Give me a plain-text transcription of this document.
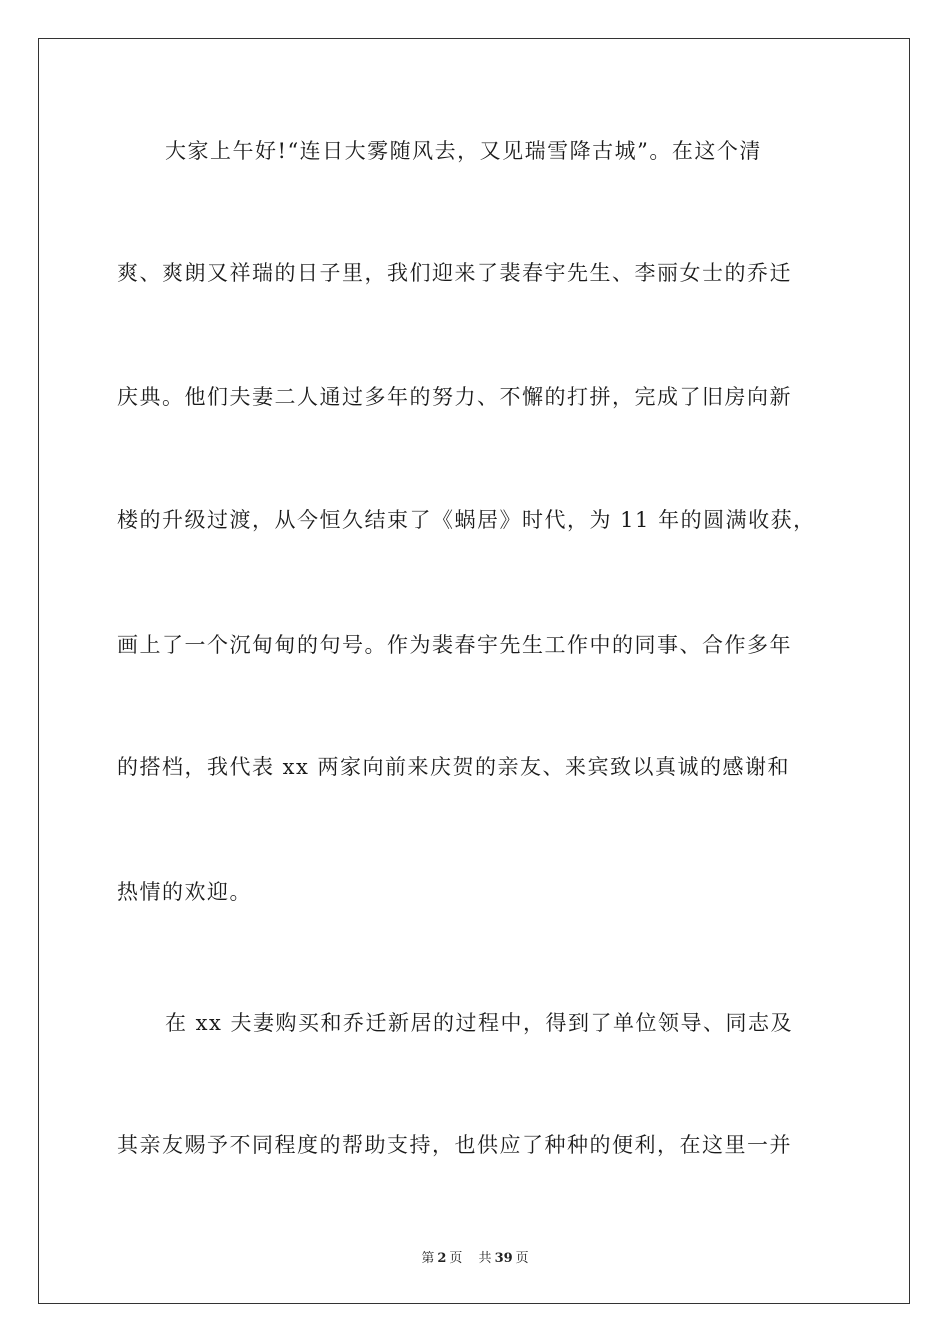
大家上午好!“连日大雾随风去，又见瑞雪降古城”。在这个清
爽、爽朗又祥瑞的日子里，我们迎来了裴春宇先生、李丽女士的乔迁
庆典。他们夫妻二人通过多年的努力、不懈的打拼，完成了旧房向新
楼的升级过渡，从今恒久结束了《蜗居》时代，为 11 年的圆满收获，
画上了一个沉甸甸的句号。作为裴春宇先生工作中的同事、合作多年
的搭档，我代表 xx 两家向前来庆贺的亲友、来宾致以真诚的感谢和
热情的欢迎。
在 xx 夫妻购买和乔迁新居的过程中，得到了单位领导、同志及
其亲友赐予不同程度的帮助支持，也供应了种种的便利，在这里一并
第 2 页 共 39 页
